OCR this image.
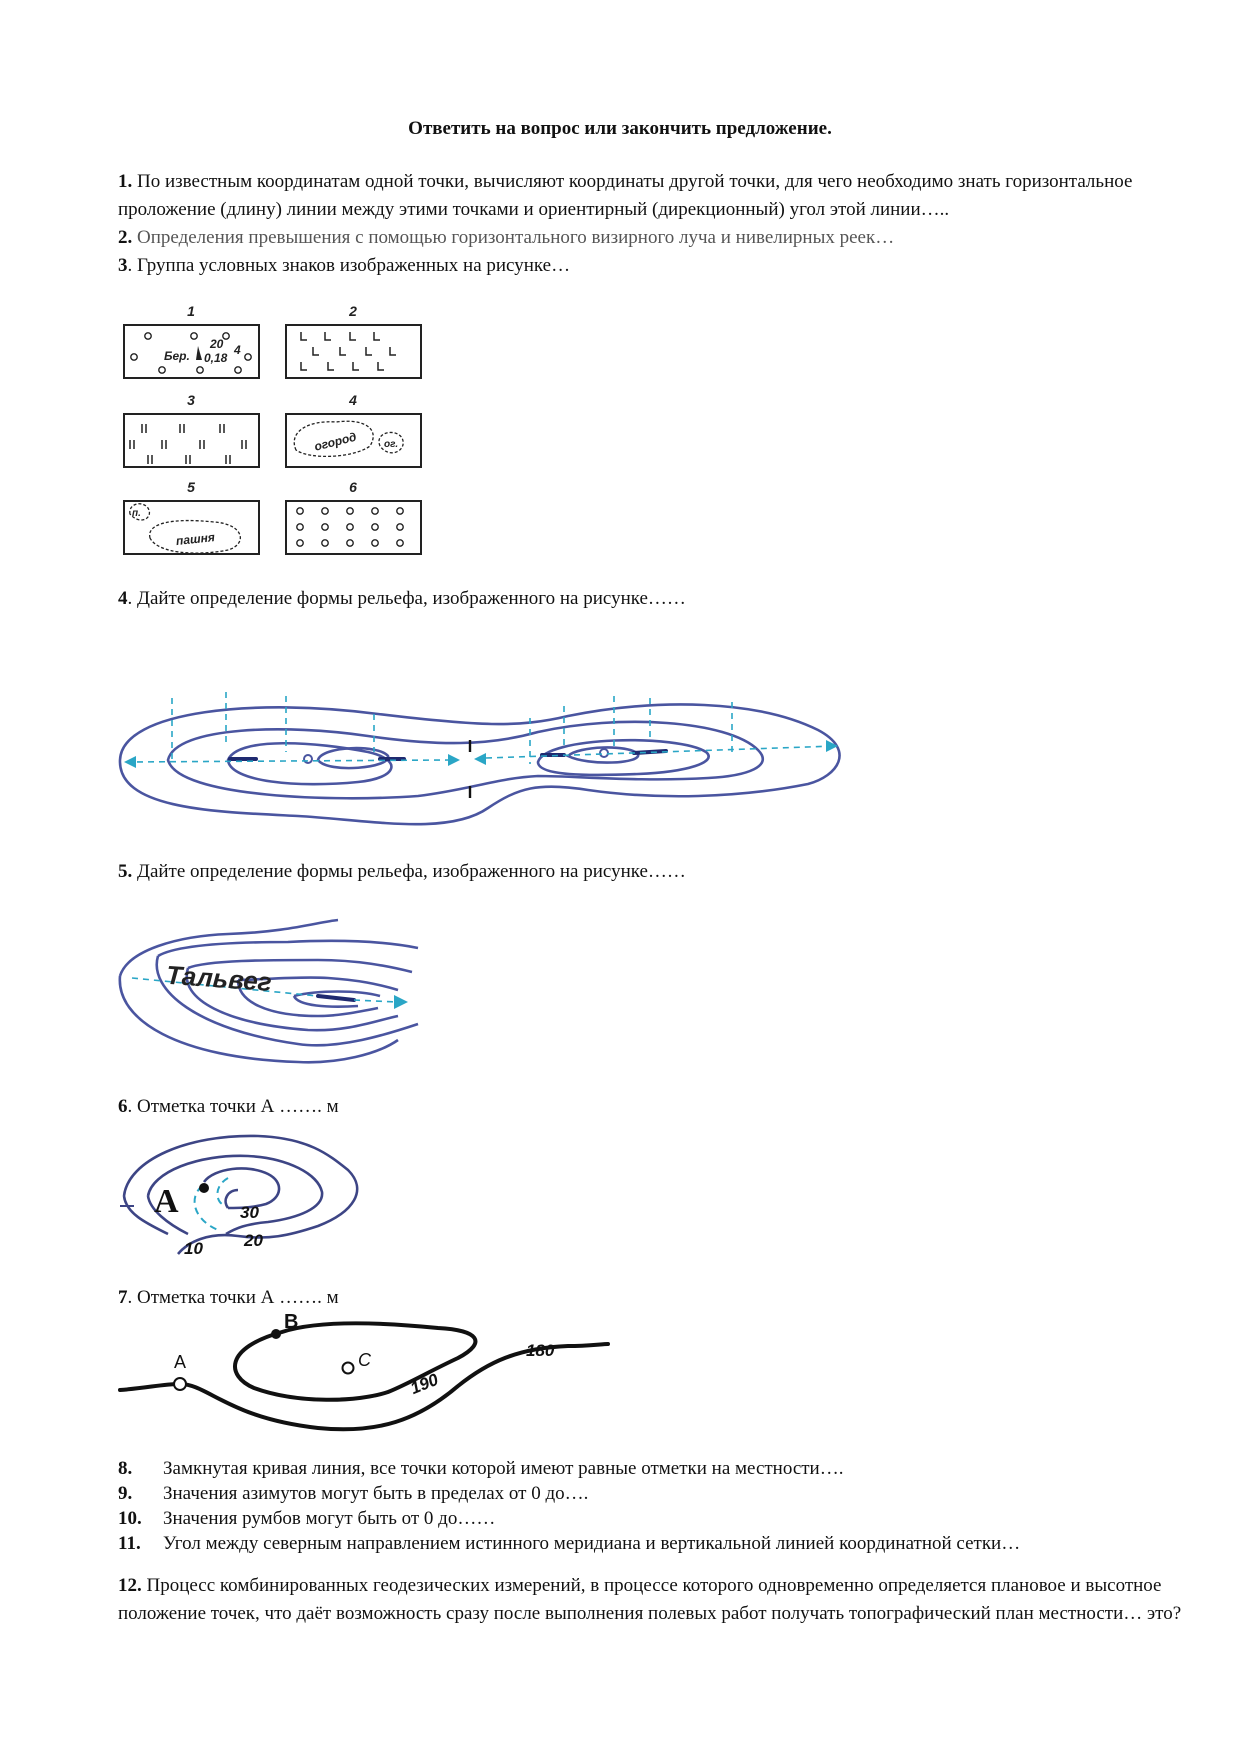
Ответить на вопрос или закончить предложение.
1. По известным координатам одной точки, вычисляют координаты другой точки, для чего необходимо знать горизонтальное проложение (длину) линии между этими точками и ориентирный (дирекционный) угол этой линии…..
2. Определения превышения с помощью горизонтального визирного луча и нивелирных реек…
3. Группа условных знаков изображенных на рисунке…
1	2
3	4
5	6
Бер.
20 4
0,18
огород	ог.
п.
пашня
4. Дайте определение формы рельефа, изображенного на рисунке……
5. Дайте определение формы рельефа, изображенного на рисунке……
Тальвег
6. Отметка точки А ……. м
А	30
20
10
7. Отметка точки А ……. м
А
В
С
190
180
8. Замкнутая кривая линия, все точки которой имеют равные отметки на местности….
9. Значения азимутов могут быть в пределах от 0 до….
10. Значения румбов могут быть от 0 до……
11. Угол между северным направлением истинного меридиана и вертикальной линией координатной сетки…
12. Процесс комбинированных геодезических измерений, в процессе которого одновременно определяется плановое и высотное положение точек, что даёт возможность сразу после выполнения полевых работ получать топографический план местности… это?
